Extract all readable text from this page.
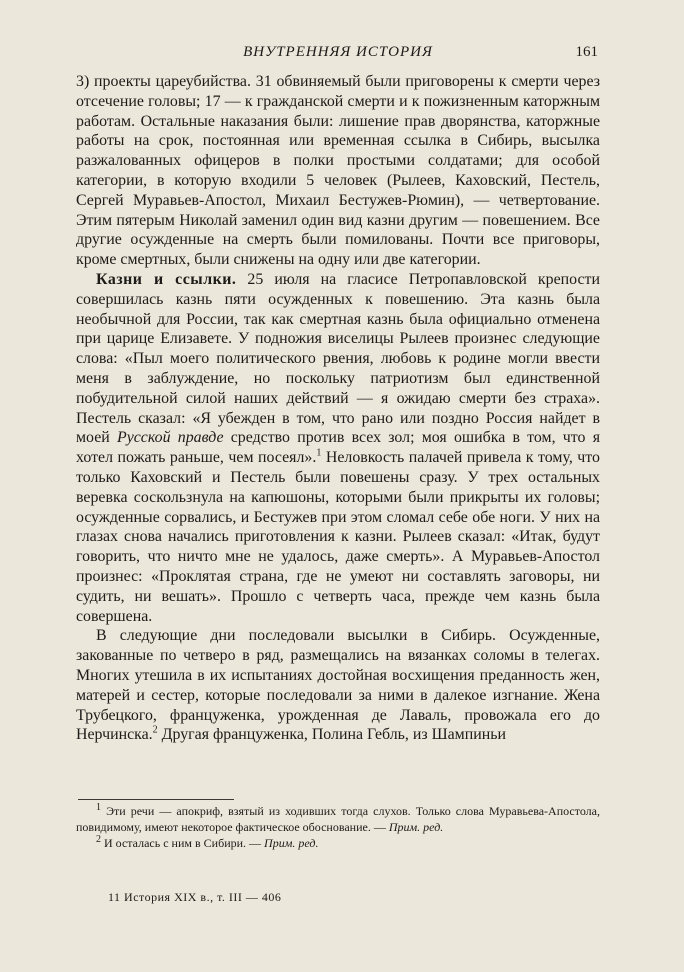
ВНУТРЕННЯЯ ИСТОРИЯ	161

3) проекты цареубийства. 31 обвиняемый были приговорены к смерти через отсечение головы; 17 — к гражданской смерти и к пожизненным каторжным работам. Остальные наказания были: лишение прав дворянства, каторжные работы на срок, постоянная или временная ссылка в Сибирь, высылка разжалованных офицеров в полки простыми солдатами; для особой категории, в которую входили 5 человек (Рылеев, Каховский, Пестель, Сергей Муравьев-Апостол, Михаил Бестужев-Рюмин), — четвертование. Этим пятерым Николай заменил один вид казни другим — повешением. Все другие осужденные на смерть были помилованы. Почти все приговоры, кроме смертных, были снижены на одну или две категории.

Казни и ссылки. 25 июля на гласисе Петропавловской крепости совершилась казнь пяти осужденных к повешению. Эта казнь была необычной для России, так как смертная казнь была официально отменена при царице Елизавете. У подножия виселицы Рылеев произнес следующие слова: «Пыл моего политического рвения, любовь к родине могли ввести меня в заблуждение, но поскольку патриотизм был единственной побудительной силой наших действий — я ожидаю смерти без страха». Пестель сказал: «Я убежден в том, что рано или поздно Россия найдет в моей Русской правде средство против всех зол; моя ошибка в том, что я хотел пожать раньше, чем посеял».$^1$ Неловкость палачей привела к тому, что только Каховский и Пестель были повешены сразу. У трех остальных веревка соскользнула на капюшоны, которыми были прикрыты их головы; осужденные сорвались, и Бестужев при этом сломал себе обе ноги. У них на глазах снова начались приготовления к казни. Рылеев сказал: «Итак, будут говорить, что ничто мне не удалось, даже смерть». А Муравьев-Апостол произнес: «Проклятая страна, где не умеют ни составлять заговоры, ни судить, ни вешать». Прошло с четверть часа, прежде чем казнь была совершена.

В следующие дни последовали высылки в Сибирь. Осужденные, закованные по четверо в ряд, размещались на вязанках соломы в телегах. Многих утешила в их испытаниях достойная восхищения преданность жен, матерей и сестер, которые последовали за ними в далекое изгнание. Жена Трубецкого, француженка, урожденная де Лаваль, провожала его до Нерчинска.$^2$ Другая француженка, Полина Гебль, из Шампиньи

$^1$ Эти речи — апокриф, взятый из ходивших тогда слухов. Только слова Муравьева-Апостола, повидимому, имеют некоторое фактическое обоснование. — Прим. ред.

$^2$ И осталась с ним в Сибири. — Прим. ред.

11 История XIX в., т. III — 406
